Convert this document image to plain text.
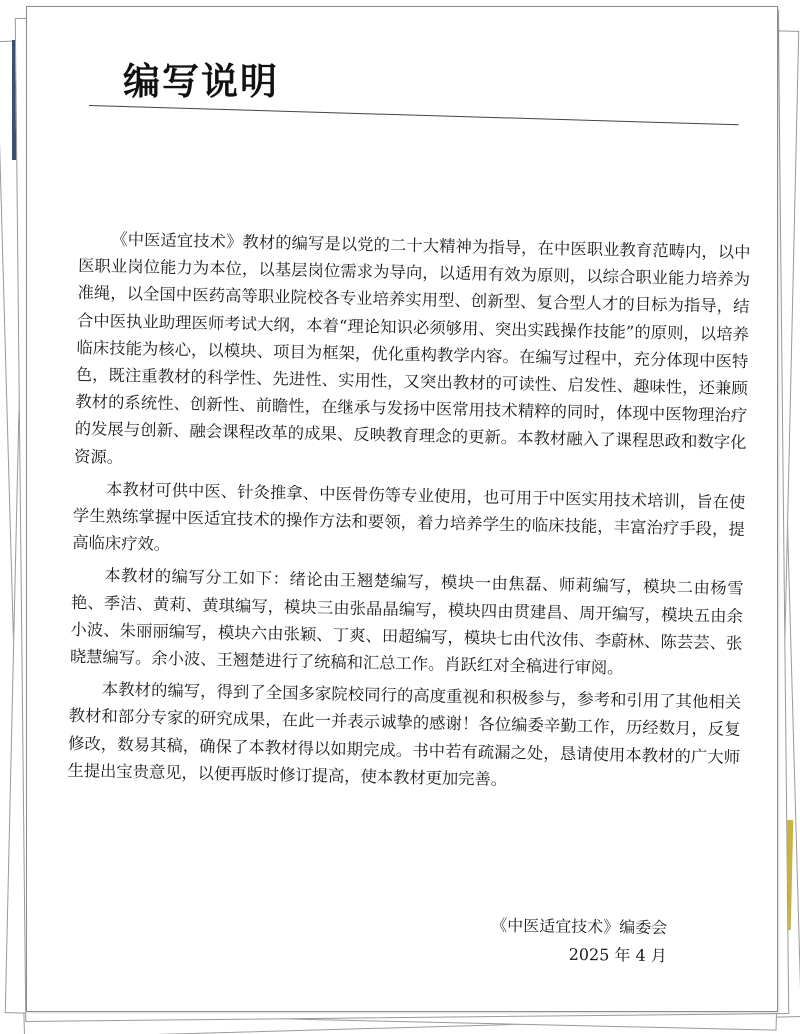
编写说明

《中医适宜技术》教材的编写是以党的二十大精神为指导，在中医职业教育范畴内，以中医职业岗位能力为本位，以基层岗位需求为导向，以适用有效为原则，以综合职业能力培养为准绳，以全国中医药高等职业院校各专业培养实用型、创新型、复合型人才的目标为指导，结合中医执业助理医师考试大纲，本着“理论知识必须够用、突出实践操作技能”的原则，以培养临床技能为核心，以模块、项目为框架，优化重构教学内容。在编写过程中，充分体现中医特色，既注重教材的科学性、先进性、实用性，又突出教材的可读性、启发性、趣味性，还兼顾教材的系统性、创新性、前瞻性，在继承与发扬中医常用技术精粹的同时，体现中医物理治疗的发展与创新、融会课程改革的成果、反映教育理念的更新。本教材融入了课程思政和数字化资源。

本教材可供中医、针灸推拿、中医骨伤等专业使用，也可用于中医实用技术培训，旨在使学生熟练掌握中医适宜技术的操作方法和要领，着力培养学生的临床技能，丰富治疗手段，提高临床疗效。

本教材的编写分工如下：绪论由王翘楚编写，模块一由焦磊、师莉编写，模块二由杨雪艳、季洁、黄莉、黄琪编写，模块三由张晶晶编写，模块四由贯建昌、周开编写，模块五由余小波、朱丽丽编写，模块六由张颖、丁爽、田超编写，模块七由代汝伟、李蔚林、陈芸芸、张晓慧编写。余小波、王翘楚进行了统稿和汇总工作。肖跃红对全稿进行审阅。

本教材的编写，得到了全国多家院校同行的高度重视和积极参与，参考和引用了其他相关教材和部分专家的研究成果，在此一并表示诚挚的感谢！各位编委辛勤工作，历经数月，反复修改，数易其稿，确保了本教材得以如期完成。书中若有疏漏之处，恳请使用本教材的广大师生提出宝贵意见，以便再版时修订提高，使本教材更加完善。

《中医适宜技术》编委会
2025 年 4 月
